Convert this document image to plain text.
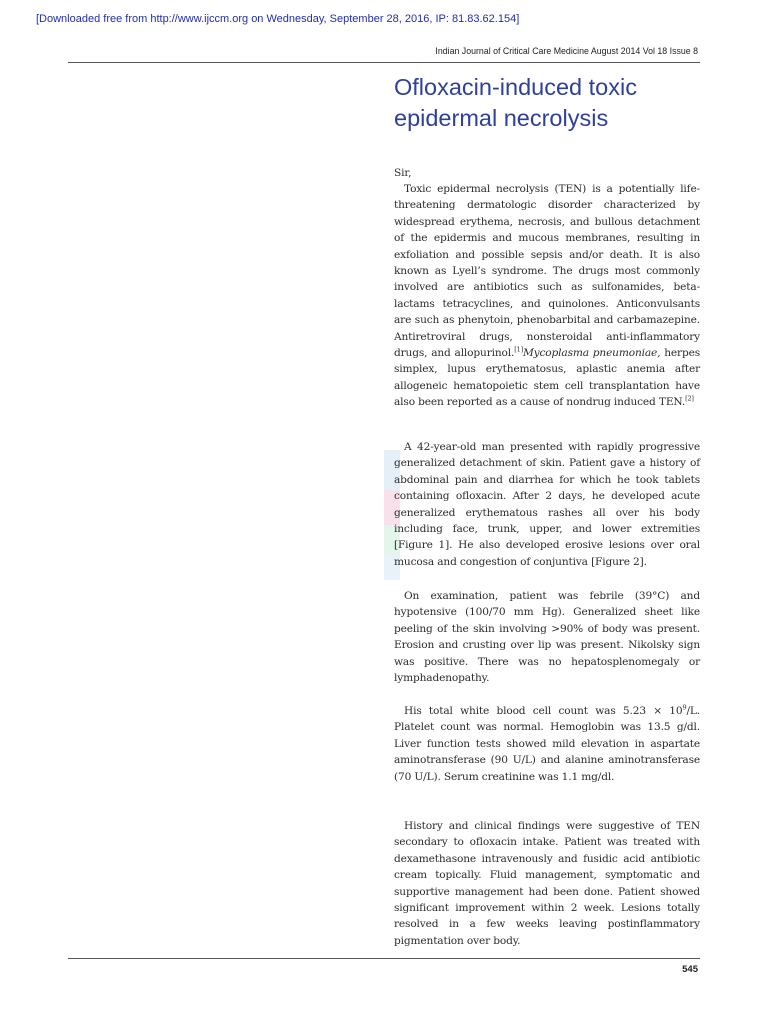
[Downloaded free from http://www.ijccm.org on Wednesday, September 28, 2016, IP: 81.83.62.154]
Indian Journal of Critical Care Medicine August 2014 Vol 18 Issue 8
Ofloxacin-induced toxic epidermal necrolysis

Sir,

Toxic epidermal necrolysis (TEN) is a potentially life-threatening dermatologic disorder characterized by widespread erythema, necrosis, and bullous detachment of the epidermis and mucous membranes, resulting in exfoliation and possible sepsis and/or death. It is also known as Lyell’s syndrome. The drugs most commonly involved are antibiotics such as sulfonamides, beta-lactams tetracyclines, and quinolones. Anticonvulsants are such as phenytoin, phenobarbital and carbamazepine. Antiretroviral drugs, nonsteroidal anti-inflammatory drugs, and allopurinol.[1]Mycoplasma pneumoniae, herpes simplex, lupus erythematosus, aplastic anemia after allogeneic hematopoietic stem cell transplantation have also been reported as a cause of nondrug induced TEN.[2]

A 42-year-old man presented with rapidly progressive generalized detachment of skin. Patient gave a history of abdominal pain and diarrhea for which he took tablets containing ofloxacin. After 2 days, he developed acute generalized erythematous rashes all over his body including face, trunk, upper, and lower extremities [Figure 1]. He also developed erosive lesions over oral mucosa and congestion of conjuntiva [Figure 2].

On examination, patient was febrile (39°C) and hypotensive (100/70 mm Hg). Generalized sheet like peeling of the skin involving >90% of body was present. Erosion and crusting over lip was present. Nikolsky sign was positive. There was no hepatosplenomegaly or lymphadenopathy.

His total white blood cell count was $5.23 \times 10^9/L$. Platelet count was normal. Hemoglobin was 13.5 g/dl. Liver function tests showed mild elevation in aspartate aminotransferase (90 U/L) and alanine aminotransferase (70 U/L). Serum creatinine was 1.1 mg/dl.

History and clinical findings were suggestive of TEN secondary to ofloxacin intake. Patient was treated with dexamethasone intravenously and fusidic acid antibiotic cream topically. Fluid management, symptomatic and supportive management had been done. Patient showed significant improvement within 2 week. Lesions totally resolved in a few weeks leaving postinflammatory pigmentation over body.

545
